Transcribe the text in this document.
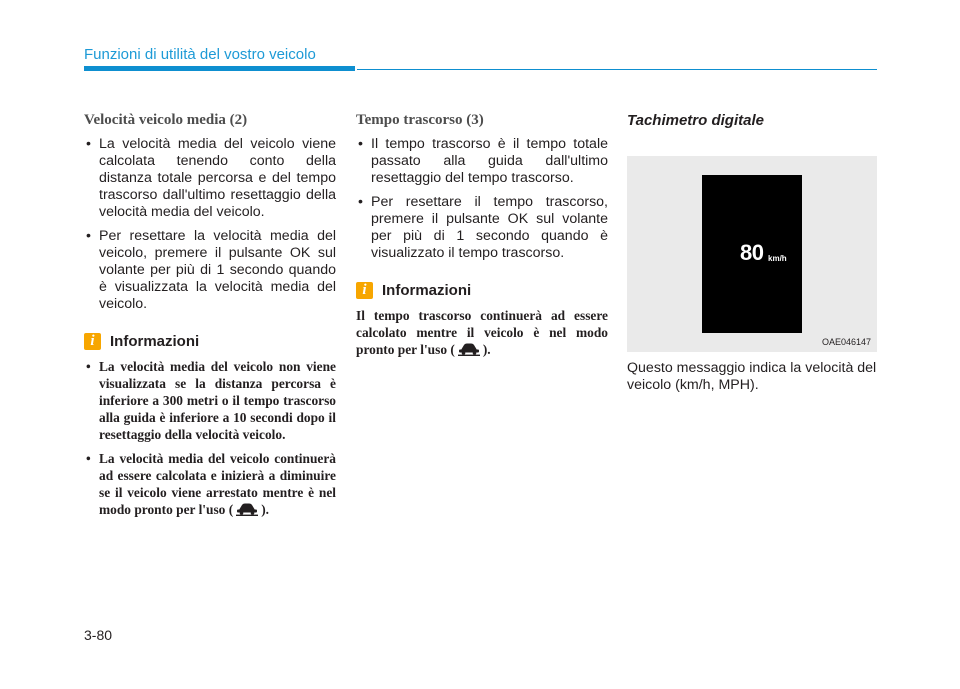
Funzioni di utilità del vostro veicolo
Velocità veicolo media (2)
• La velocità media del veicolo viene calcolata tenendo conto della distanza totale percorsa e del tempo trascorso dall'ultimo resettaggio della velocità media del veicolo.
• Per resettare la velocità media del veicolo, premere il pulsante OK sul volante per più di 1 secondo quando è visualizzata la velocità media del veicolo.
i	Informazioni
• La velocità media del veicolo non viene visualizzata se la distanza percorsa è inferiore a 300 metri o il tempo trascorso alla guida è inferiore a 10 secondi dopo il resettaggio della velocità veicolo.
• La velocità media del veicolo continuerà ad essere calcolata e inizierà a diminuire se il veicolo viene arrestato mentre è nel modo pronto per l'uso ( ).
Tempo trascorso (3)
• Il tempo trascorso è il tempo totale passato alla guida dall'ultimo resettaggio del tempo trascorso.
• Per resettare il tempo trascorso, premere il pulsante OK sul volante per più di 1 secondo quando è visualizzato il tempo trascorso.
i	Informazioni

Il tempo trascorso continuerà ad essere calcolato mentre il veicolo è nel modo pronto per l'uso ( ).

Tachimetro digitale
80 km/h
OAE046147

Questo messaggio indica la velocità del veicolo (km/h, MPH).

3-80
